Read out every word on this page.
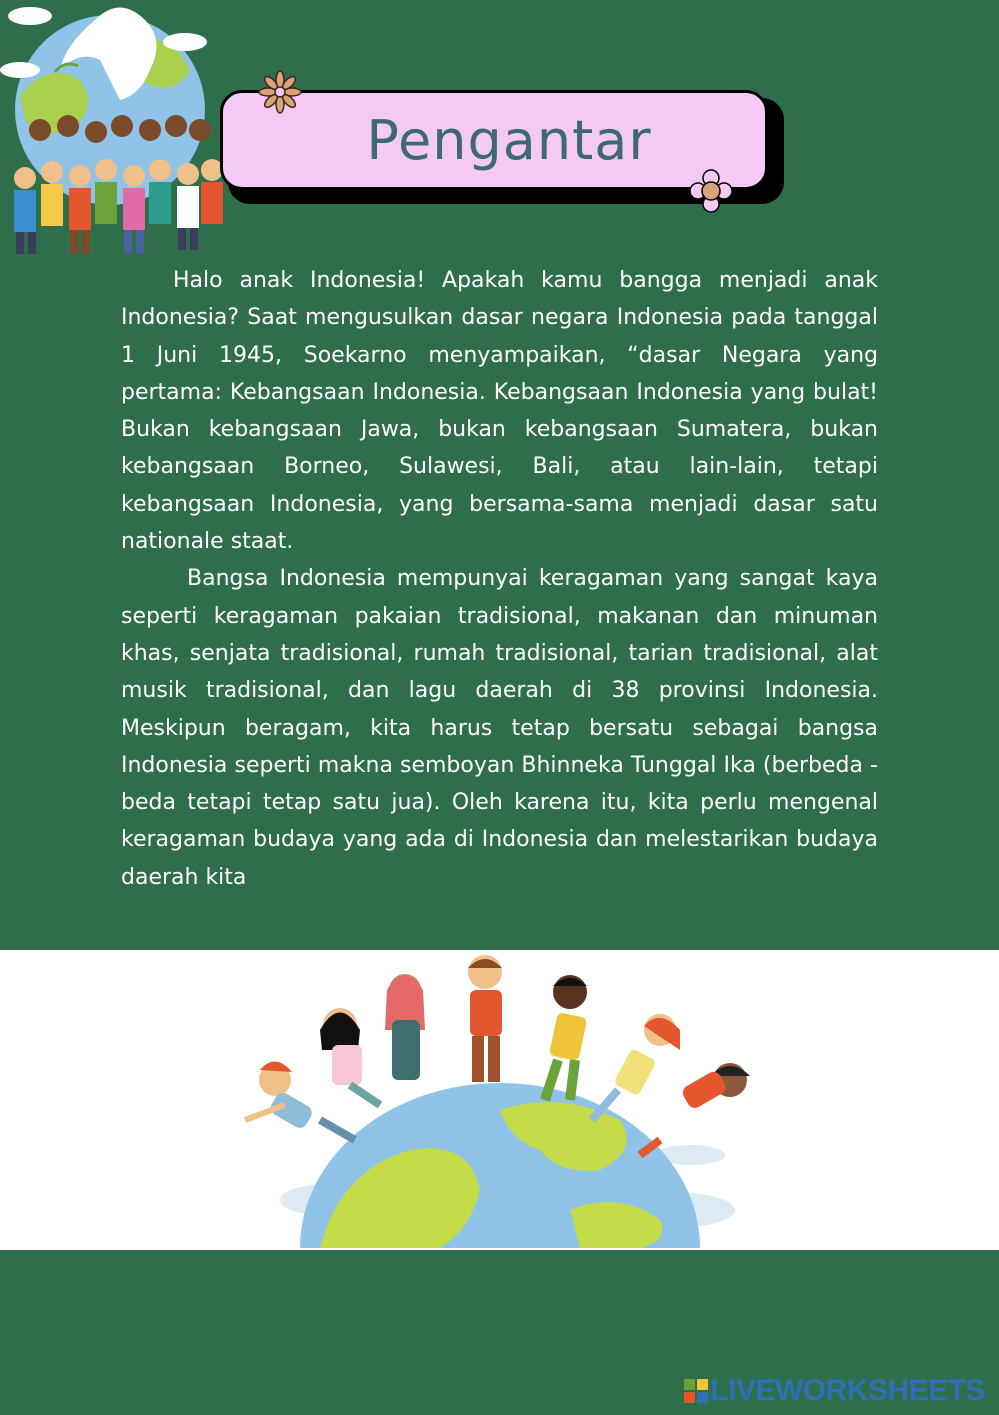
Pengantar

Halo anak Indonesia! Apakah kamu bangga menjadi anak Indonesia? Saat mengusulkan dasar negara Indonesia pada tanggal 1 Juni 1945, Soekarno menyampaikan, “dasar Negara yang pertama: Kebangsaan Indonesia. Kebangsaan Indonesia yang bulat! Bukan kebangsaan Jawa, bukan kebangsaan Sumatera, bukan kebangsaan Borneo, Sulawesi, Bali, atau lain-lain, tetapi kebangsaan Indonesia, yang bersama-sama menjadi dasar satu nationale staat.

Bangsa Indonesia mempunyai keragaman yang sangat kaya seperti keragaman pakaian tradisional, makanan dan minuman khas, senjata tradisional, rumah tradisional, tarian tradisional, alat musik tradisional, dan lagu daerah di 38 provinsi Indonesia. Meskipun beragam, kita harus tetap bersatu sebagai bangsa Indonesia seperti makna semboyan Bhinneka Tunggal Ika (berbeda -beda tetapi tetap satu jua). Oleh karena itu, kita perlu mengenal keragaman budaya yang ada di Indonesia dan melestarikan budaya daerah kita

LIVEWORKSHEETS
